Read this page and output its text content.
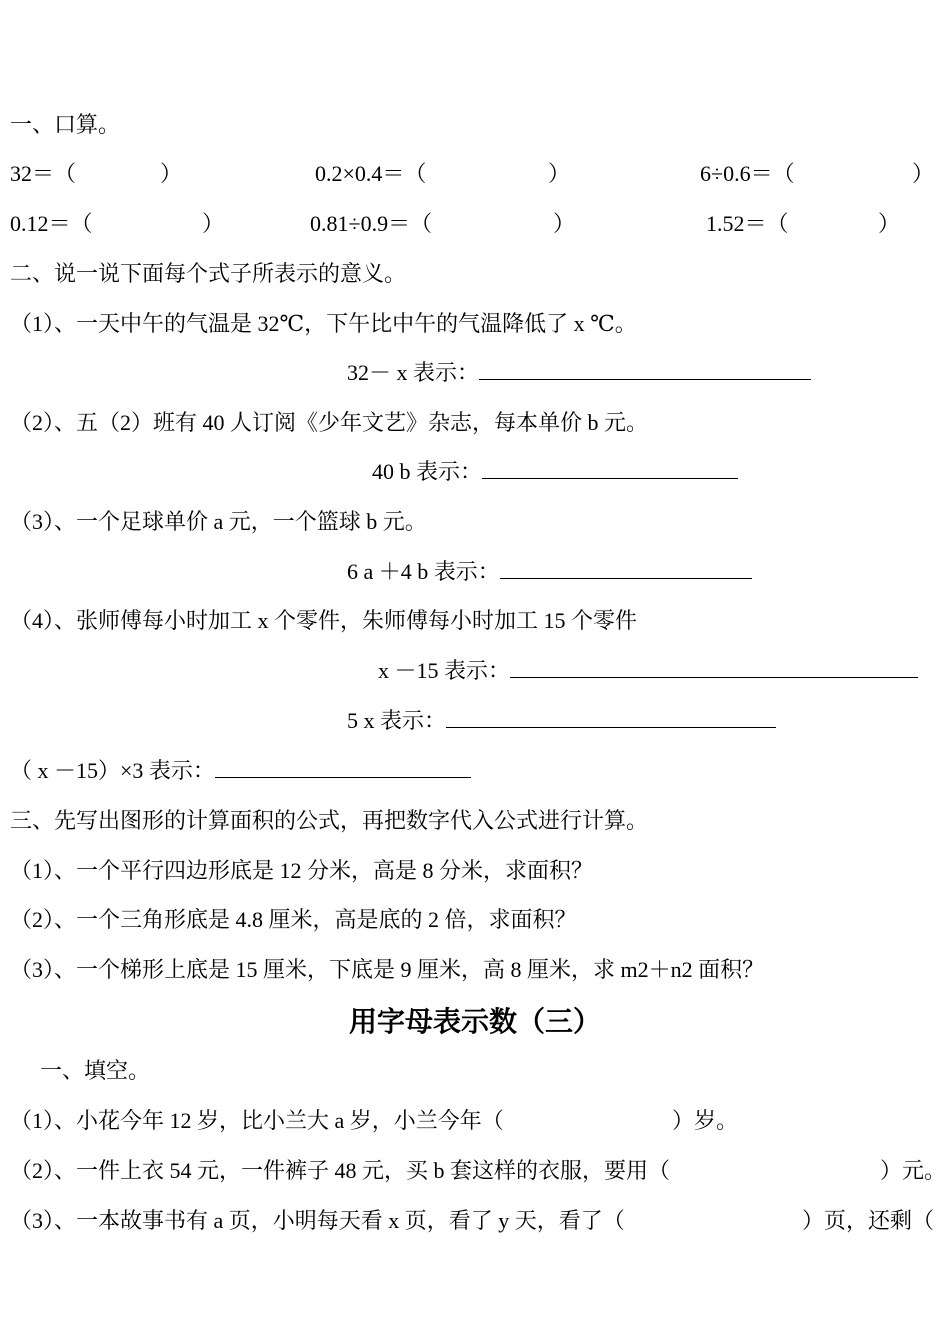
一、口算。
32＝（	）	0.2×0.4＝（	）	6÷0.6＝（	）
0.12＝（	）	0.81÷0.9＝（	）	1.52＝（	）
二、说一说下面每个式子所表示的意义。
（1）、一天中午的气温是 32℃，下午比中午的气温降低了 x ℃。
32－ x 表示：
（2）、五（2）班有 40 人订阅《少年文艺》杂志，每本单价 b 元。
40 b 表示：
（3）、一个足球单价 a 元，一个篮球 b 元。
6 a ＋4 b 表示：
（4）、张师傅每小时加工 x 个零件，朱师傅每小时加工 15 个零件
x －15 表示：
5 x 表示：
（ x －15）×3 表示：
三、先写出图形的计算面积的公式，再把数字代入公式进行计算。
（1）、一个平行四边形底是 12 分米，高是 8 分米，求面积？
（2）、一个三角形底是 4.8 厘米，高是底的 2 倍，求面积？
（3）、一个梯形上底是 15 厘米，下底是 9 厘米，高 8 厘米，求 m2＋n2 面积？
用字母表示数（三）
一、填空。
（1）、小花今年 12 岁，比小兰大 a 岁，小兰今年（	）岁。
（2）、一件上衣 54 元，一件裤子 48 元，买 b 套这样的衣服，要用（	）元。
（3）、一本故事书有 a 页，小明每天看 x 页，看了 y 天，看了（	）页，还剩（
